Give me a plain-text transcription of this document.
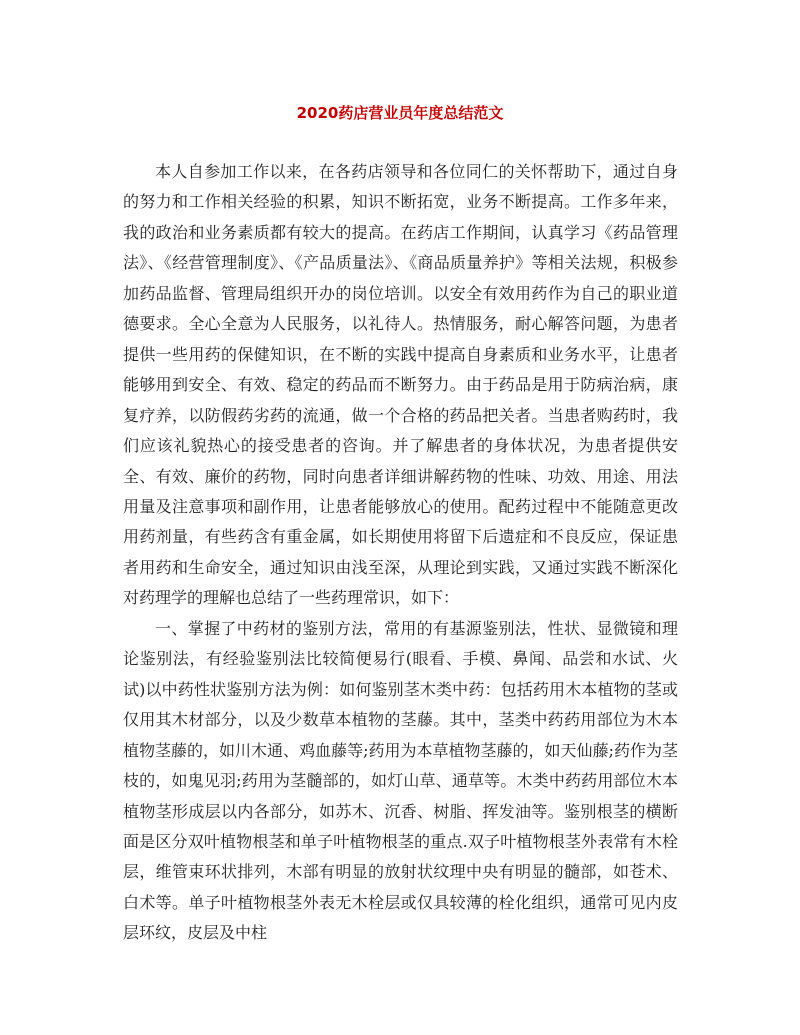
2020药店营业员年度总结范文

本人自参加工作以来，在各药店领导和各位同仁的关怀帮助下，通过自身的努力和工作相关经验的积累，知识不断拓宽，业务不断提高。工作多年来，我的政治和业务素质都有较大的提高。在药店工作期间，认真学习《药品管理法》、《经营管理制度》、《产品质量法》、《商品质量养护》等相关法规，积极参加药品监督、管理局组织开办的岗位培训。以安全有效用药作为自己的职业道德要求。全心全意为人民服务，以礼待人。热情服务，耐心解答问题，为患者提供一些用药的保健知识，在不断的实践中提高自身素质和业务水平，让患者能够用到安全、有效、稳定的药品而不断努力。由于药品是用于防病治病，康复疗养，以防假药劣药的流通，做一个合格的药品把关者。当患者购药时，我们应该礼貌热心的接受患者的咨询。并了解患者的身体状况，为患者提供安全、有效、廉价的药物，同时向患者详细讲解药物的性味、功效、用途、用法用量及注意事项和副作用，让患者能够放心的使用。配药过程中不能随意更改用药剂量，有些药含有重金属，如长期使用将留下后遗症和不良反应，保证患者用药和生命安全，通过知识由浅至深，从理论到实践，又通过实践不断深化对药理学的理解也总结了一些药理常识，如下：

一、掌握了中药材的鉴别方法，常用的有基源鉴别法，性状、显微镜和理论鉴别法，有经验鉴别法比较简便易行(眼看、手模、鼻闻、品尝和水试、火试)以中药性状鉴别方法为例：如何鉴别茎木类中药：包括药用木本植物的茎或仅用其木材部分，以及少数草本植物的茎藤。其中，茎类中药药用部位为木本植物茎藤的，如川木通、鸡血藤等;药用为本草植物茎藤的，如天仙藤;药作为茎枝的，如鬼见羽;药用为茎髓部的，如灯山草、通草等。木类中药药用部位木本植物茎形成层以内各部分，如苏木、沉香、树脂、挥发油等。鉴别根茎的横断面是区分双叶植物根茎和单子叶植物根茎的重点.双子叶植物根茎外表常有木栓层，维管束环状排列，木部有明显的放射状纹理中央有明显的髓部，如苍术、白术等。单子叶植物根茎外表无木栓层或仅具较薄的栓化组织，通常可见内皮层环纹，皮层及中柱
